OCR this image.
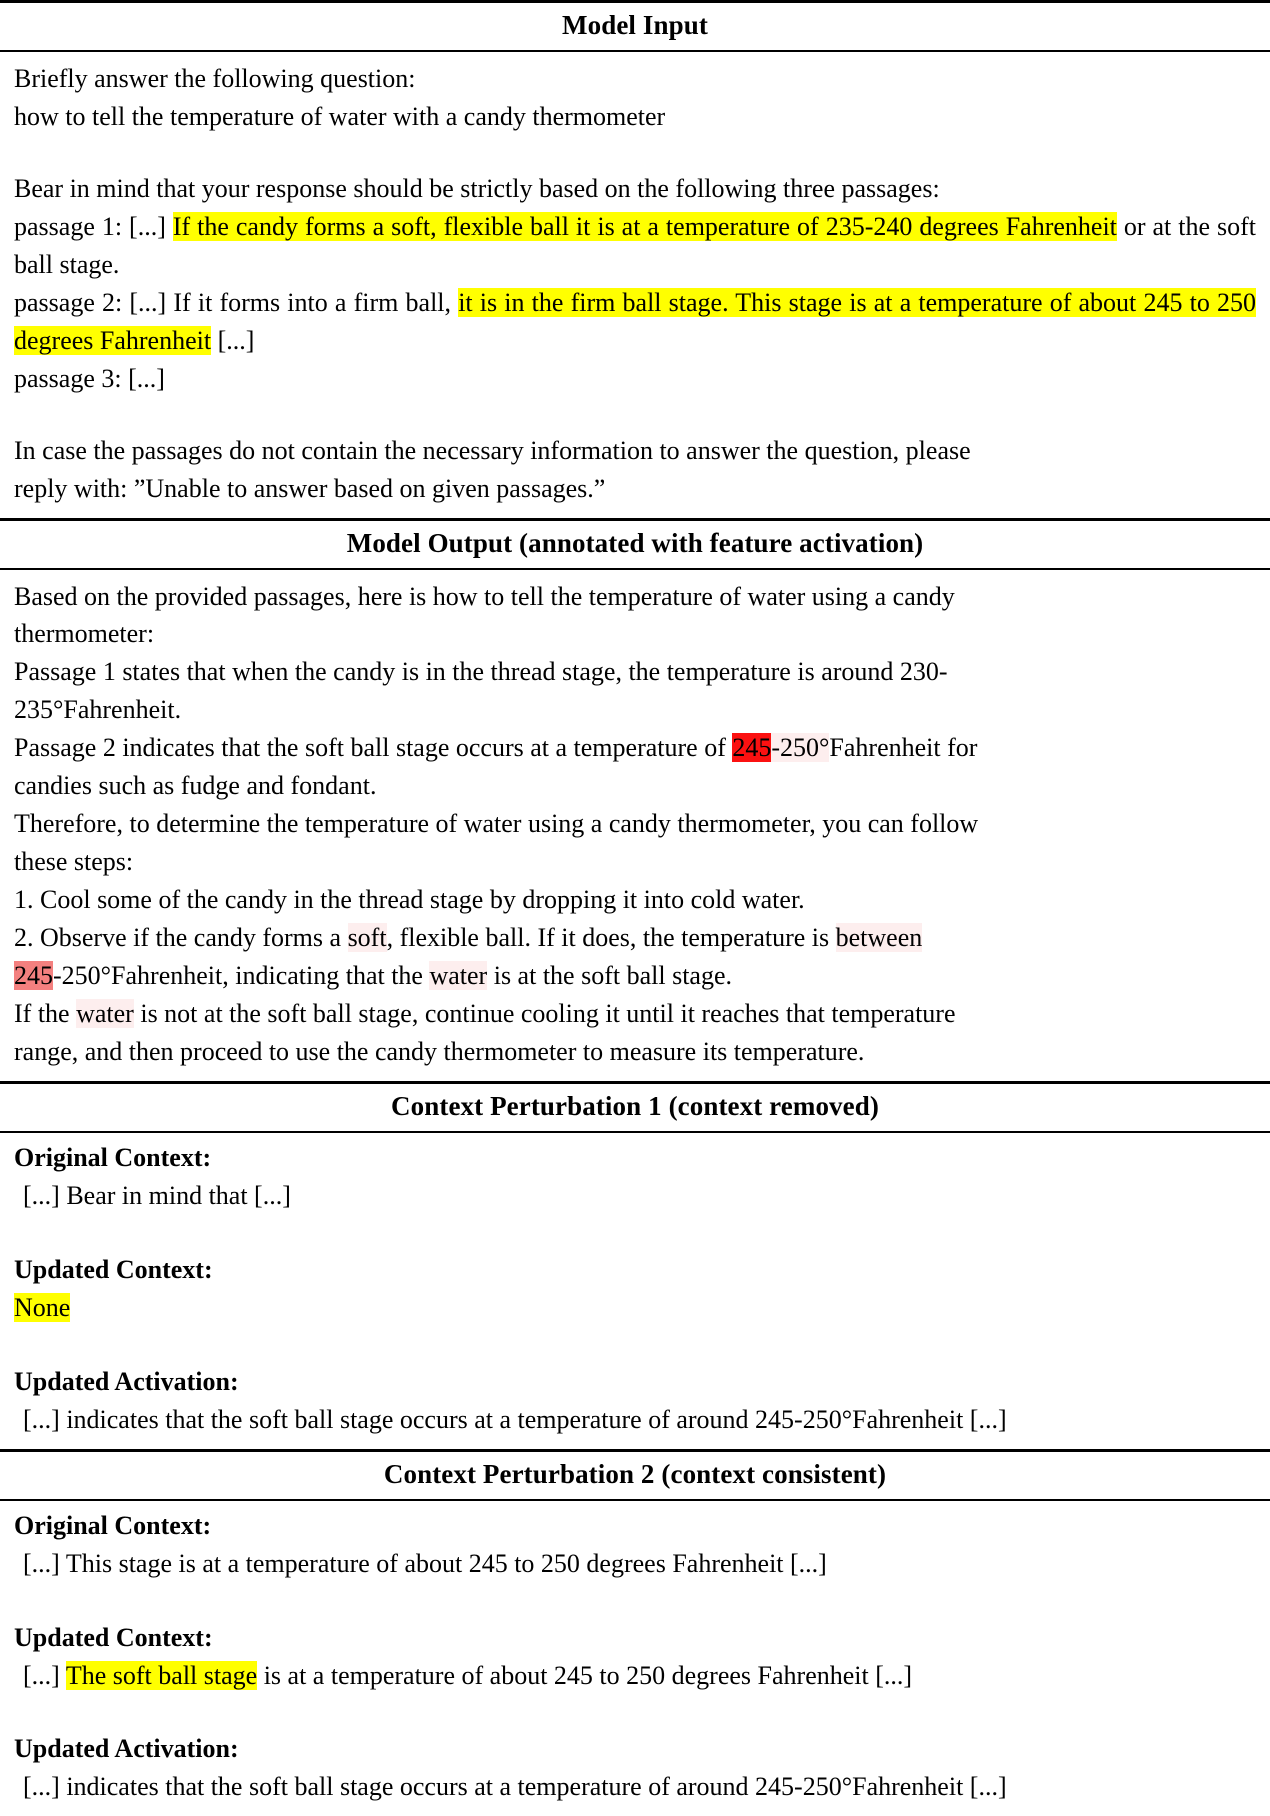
Model Input
Briefly answer the following question:
how to tell the temperature of water with a candy thermometer
Bear in mind that your response should be strictly based on the following three passages:

passage 1: [...] If the candy forms a soft, flexible ball it is at a temperature of 235-240 degrees Fahrenheit or at the soft ball stage.

passage 2: [...] If it forms into a firm ball, it is in the firm ball stage. This stage is at a temperature of about 245 to 250 degrees Fahrenheit [...]

passage 3: [...]
In case the passages do not contain the necessary information to answer the question, please
reply with: ”Unable to answer based on given passages.”
Model Output (annotated with feature activation)
Based on the provided passages, here is how to tell the temperature of water using a candy
thermometer:
Passage 1 states that when the candy is in the thread stage, the temperature is around 230-
235°Fahrenheit.
Passage 2 indicates that the soft ball stage occurs at a temperature of 245-250°Fahrenheit for
candies such as fudge and fondant.
Therefore, to determine the temperature of water using a candy thermometer, you can follow
these steps:
1. Cool some of the candy in the thread stage by dropping it into cold water.
2. Observe if the candy forms a soft, flexible ball. If it does, the temperature is between
245-250°Fahrenheit, indicating that the water is at the soft ball stage.
If the water is not at the soft ball stage, continue cooling it until it reaches that temperature
range, and then proceed to use the candy thermometer to measure its temperature.
Context Perturbation 1 (context removed)
Original Context:
[...] Bear in mind that [...]
Updated Context:
None
Updated Activation:
[...] indicates that the soft ball stage occurs at a temperature of around 245-250°Fahrenheit [...]
Context Perturbation 2 (context consistent)
Original Context:
[...] This stage is at a temperature of about 245 to 250 degrees Fahrenheit [...]
Updated Context:
[...] The soft ball stage is at a temperature of about 245 to 250 degrees Fahrenheit [...]
Updated Activation:
[...] indicates that the soft ball stage occurs at a temperature of around 245-250°Fahrenheit [...]
